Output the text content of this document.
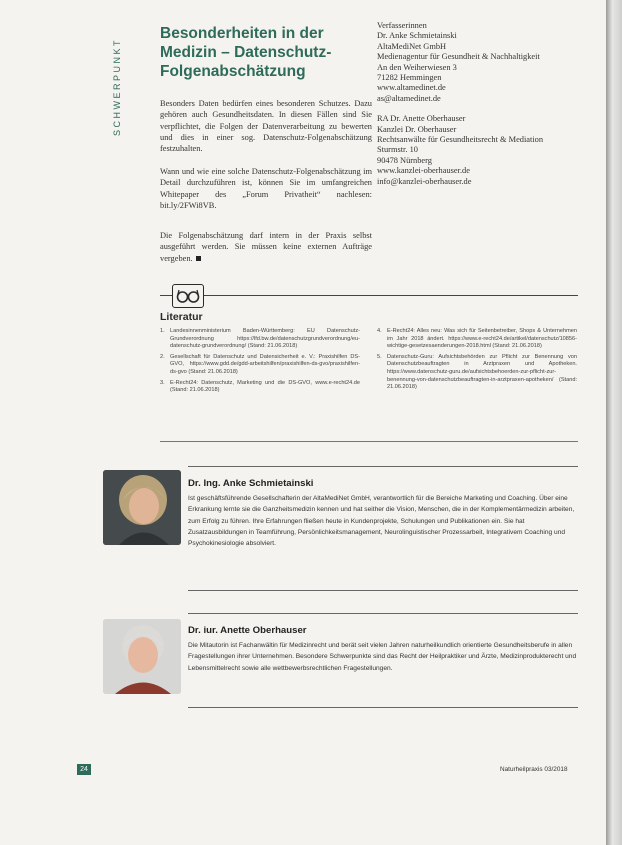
SCHWERPUNKT
Besonderheiten in der
Medizin – Datenschutz-
Folgenabschätzung
Besonders Daten bedürfen eines besonderen Schutzes. Dazu gehören auch Gesundheitsdaten. In diesen Fällen sind Sie verpflichtet, die Folgen der Datenverarbeitung zu bewerten und dies in einer sog. Datenschutz-Folgenabschätzung festzuhalten.
Wann und wie eine solche Datenschutz-Folgenabschätzung im Detail durchzuführen ist, können Sie im umfangreichen Whitepaper des „Forum Privatheit“ nachlesen: bit.ly/2FWi8VB.
Die Folgenabschätzung darf intern in der Praxis selbst ausgeführt werden. Sie müssen keine externen Aufträge vergeben.
Verfasserinnen
Dr. Anke Schmietainski
AltaMediNet GmbH
Medienagentur für Gesundheit & Nachhaltigkeit
An den Weiherwiesen 3
71282 Hemmingen
www.altamedinet.de
as@altamedinet.de
RA Dr. Anette Oberhauser
Kanzlei Dr. Oberhauser
Rechtsanwälte für Gesundheitsrecht & Mediation
Sturmstr. 10
90478 Nürnberg
www.kanzlei-oberhauser.de
info@kanzlei-oberhauser.de
Literatur
1. Landesinnenministerium Baden-Württemberg: EU Datenschutz-Grundverordnung https://lfd.bw.de/datenschutzgrundverordnung/eu-datenschutz-grundverordnung/ (Stand: 21.06.2018)
2. Gesellschaft für Datenschutz und Datensicherheit e. V.: Praxishilfen DS-GVO, https://www.gdd.de/gdd-arbeitshilfen/praxishilfen-ds-gvo/praxishilfen-ds-gvo (Stand: 21.06.2018)
3. E-Recht24: Datenschutz, Marketing und die DS-GVO, www.e-recht24.de (Stand: 21.06.2018)
4. E-Recht24: Alles neu: Was sich für Seitenbetreiber, Shops & Unternehmen im Jahr 2018 ändert. https://www.e-recht24.de/artikel/datenschutz/10856-wichtige-gesetzesaenderungen-2018.html (Stand: 21.06.2018)
5. Datenschutz-Guru: Aufsichtsbehörden zur Pflicht zur Benennung von Datenschutzbeauftragten in Arztpraxen und Apotheken. https://www.datenschutz-guru.de/aufsichtsbehoerden-zur-pflicht-zur-benennung-von-datenschutzbeauftragten-in-arztpraxen-apotheken/ (Stand: 21.06.2018)
Dr. Ing. Anke Schmietainski
Ist geschäftsführende Gesellschafterin der AltaMediNet GmbH, verantwortlich für die Bereiche Marketing und Coaching. Über eine Erkrankung lernte sie die Ganzheitsmedizin kennen und hat seither die Vision, Menschen, die in der Komplementärmedizin arbeiten, zum Erfolg zu führen. Ihre Erfahrungen fließen heute in Kundenprojekte, Schulungen und Publikationen ein. Sie hat Zusatzausbildungen in Teamführung, Persönlichkeitsmanagement, Neurolinguistischer Prozessarbeit, Integrativem Coaching und Psychokinesiologie absolviert.
Dr. iur. Anette Oberhauser
Die Mitautorin ist Fachanwältin für Medizinrecht und berät seit vielen Jahren naturheilkundlich orientierte Gesundheitsberufe in allen Fragestellungen ihrer Unternehmen. Besondere Schwerpunkte sind das Recht der Heilpraktiker und Ärzte, Medizinprodukterecht und Lebensmittelrecht sowie alle wettbewerbsrechtlichen Fragestellungen.
24	Naturheilpraxis 03/2018
